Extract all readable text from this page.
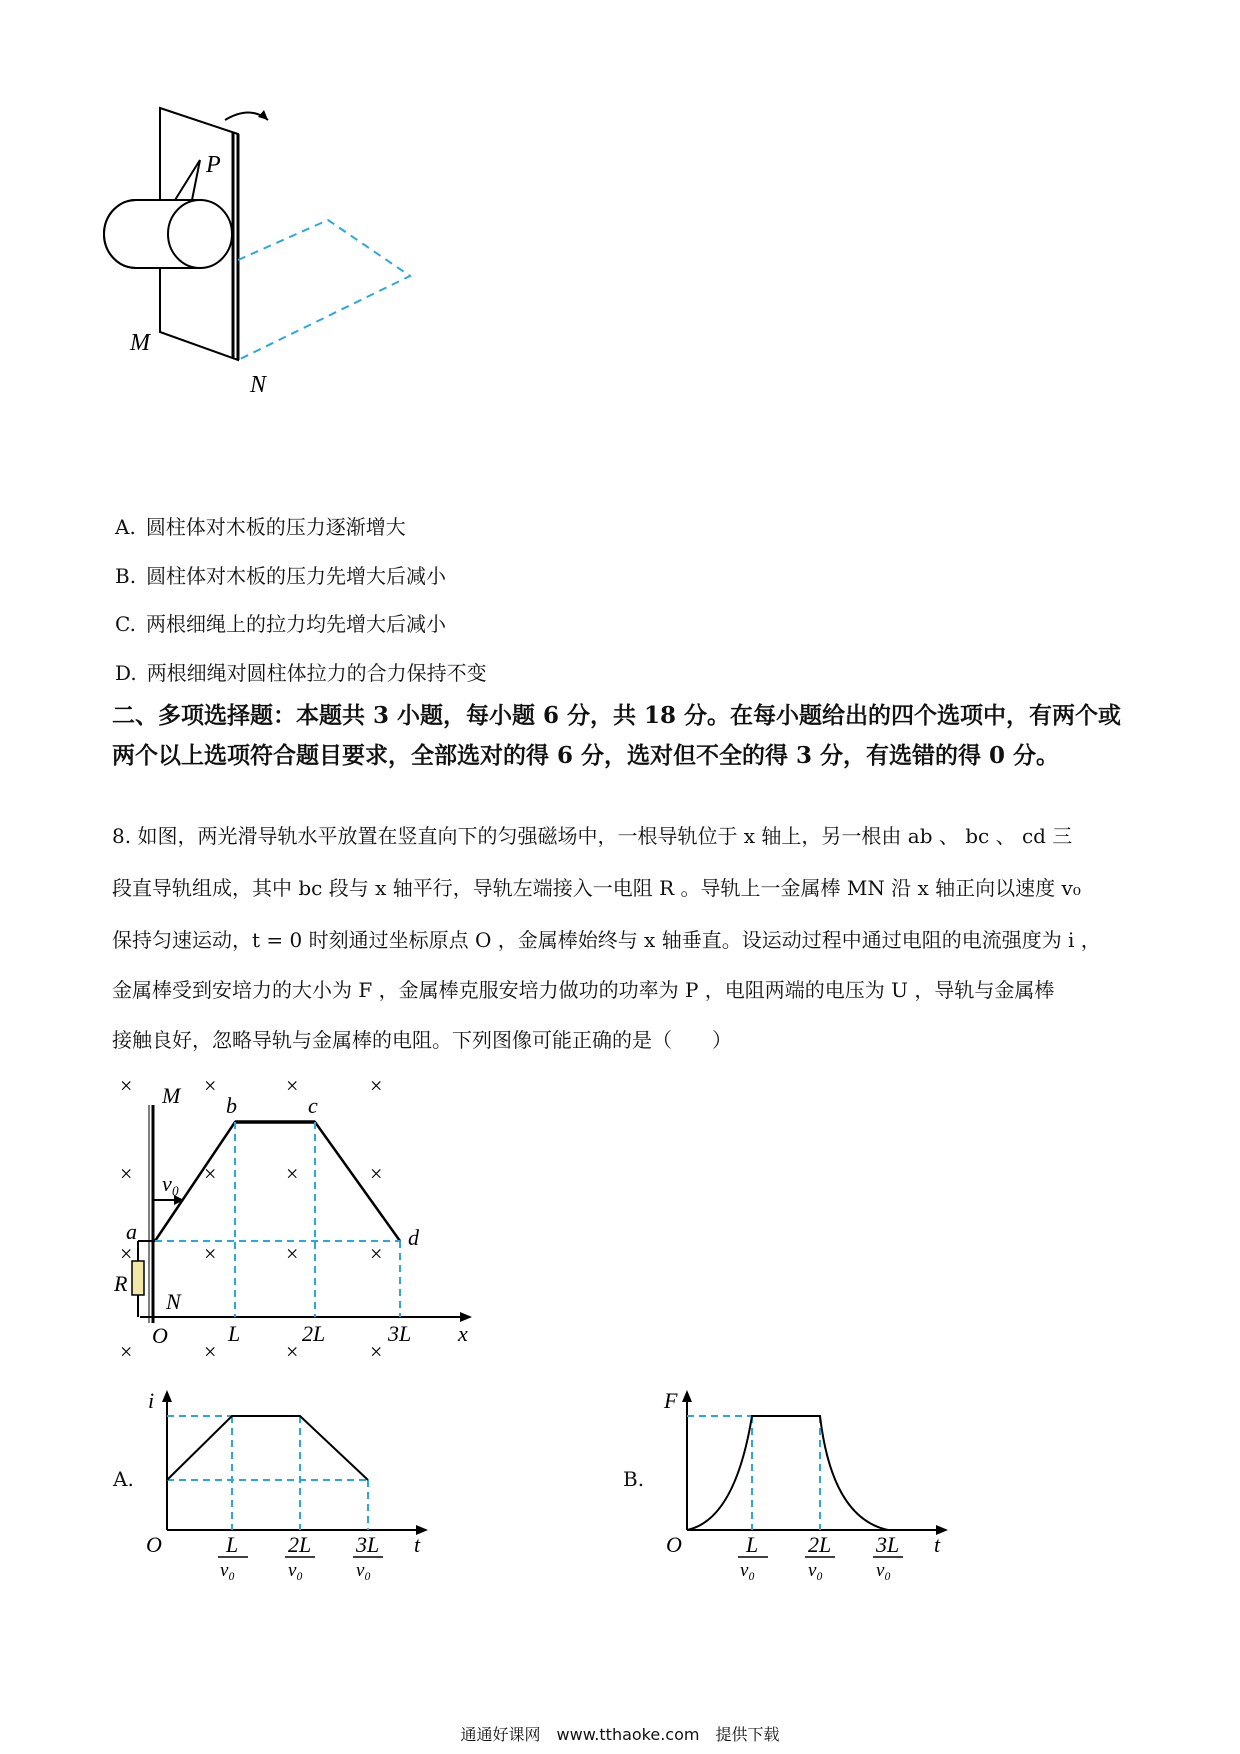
P
M
N
A. 圆柱体对木板的压力逐渐增大
B. 圆柱体对木板的压力先增大后减小
C. 两根细绳上的拉力均先增大后减小
D. 两根细绳对圆柱体拉力的合力保持不变
二、多项选择题：本题共 3 小题，每小题 6 分，共 18 分。在每小题给出的四个选项中，有两个或两个以上选项符合题目要求，全部选对的得 6 分，选对但不全的得 3 分，有选错的得 0 分。
8. 如图，两光滑导轨水平放置在竖直向下的匀强磁场中，一根导轨位于 x 轴上，另一根由 ab 、 bc 、 cd 三
段直导轨组成，其中 bc 段与 x 轴平行，导轨左端接入一电阻 R 。导轨上一金属棒 MN 沿 x 轴正向以速度 v₀
保持匀速运动，t = 0 时刻通过坐标原点 O ，金属棒始终与 x 轴垂直。设运动过程中通过电阻的电流强度为 i ，
金属棒受到安培力的大小为 F ，金属棒克服安培力做功的功率为 P ，电阻两端的电压为 U ，导轨与金属棒
接触良好，忽略导轨与金属棒的电阻。下列图像可能正确的是（　　）
×	×	×	×
×	×	×	×
×	×	×	×
×	×	×	×
M
v₀
a
b	c
d
R
N
O	L	2L	3L x
A.
i
O	t
L 2L 3L
v₀	v₀	v₀
B.
F
O	t
L 2L 3L
v₀	v₀	v₀
通通好课网　www.tthaoke.com　提供下载
